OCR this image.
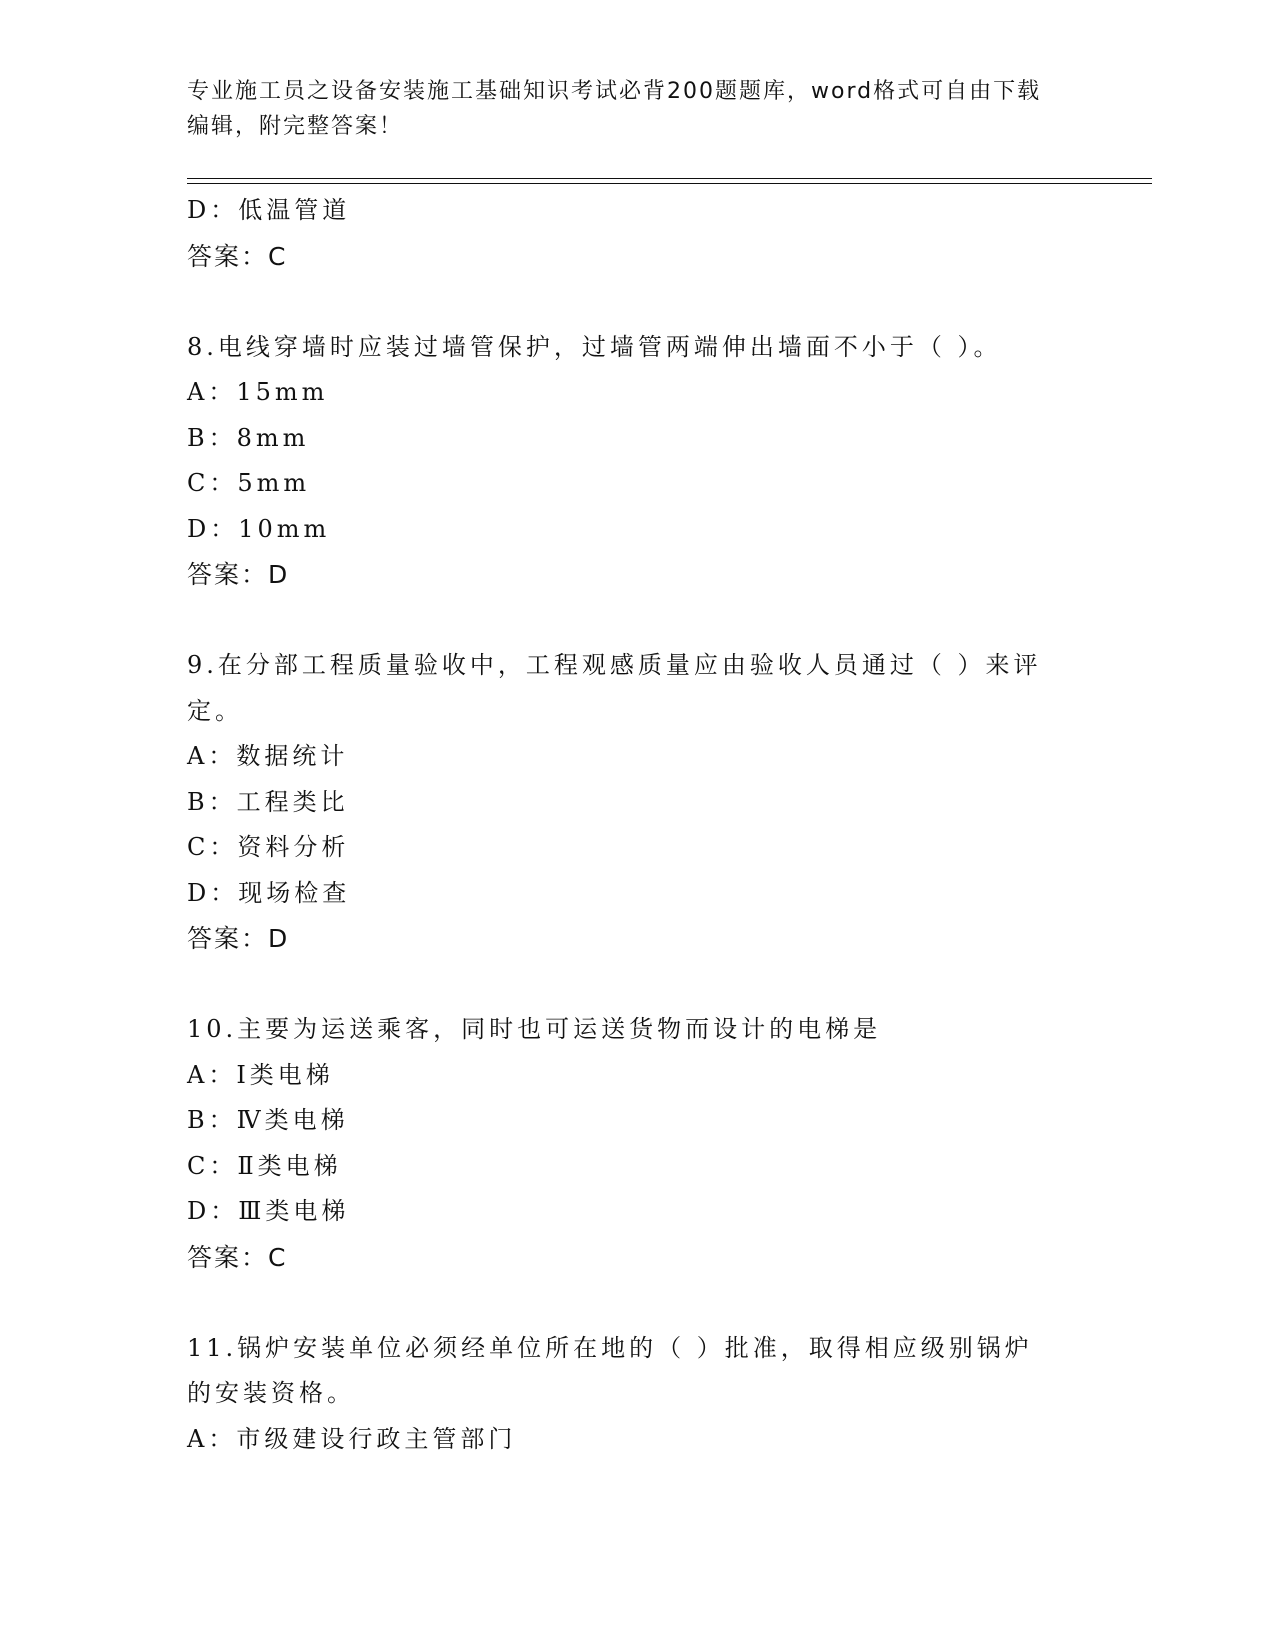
专业施工员之设备安装施工基础知识考试必背200题题库，word格式可自由下载
编辑，附完整答案！
D：低温管道
答案：C
8.电线穿墙时应装过墙管保护，过墙管两端伸出墙面不小于（ ）。
A：15mm
B：8mm
C：5mm
D：10mm
答案：D
9.在分部工程质量验收中，工程观感质量应由验收人员通过（ ）来评
定。
A：数据统计
B：工程类比
C：资料分析
D：现场检查
答案：D
10.主要为运送乘客，同时也可运送货物而设计的电梯是
A：Ⅰ类电梯
B：Ⅳ类电梯
C：Ⅱ类电梯
D：Ⅲ类电梯
答案：C
11.锅炉安装单位必须经单位所在地的（ ）批准，取得相应级别锅炉
的安装资格。
A：市级建设行政主管部门
